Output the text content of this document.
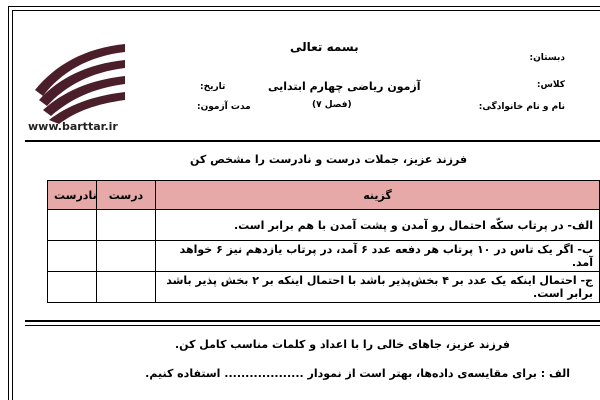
بسمه تعالی
دبستان:
کلاس:
نام و نام خانوادگی:
آزمون ریاضی چهارم ابتدایی
(فصل ۷)
تاریخ:
مدت آزمون:
www.barttar.ir
فرزند عزیز، جملات درست و نادرست را مشخص کن
نادرست	درست	گزینه
		الف- در پرتاب سکّه احتمال رو آمدن و پشت آمدن با هم برابر است.
		ب- اگر یک تاس در ۱۰ پرتاب هر دفعه عدد ۶ آمد، در پرتاب یازدهم نیز ۶ خواهد آمد.
		ج- احتمال اینکه یک عدد بر ۴ بخش‌پذیر باشد با احتمال اینکه بر ۲ بخش پذیر باشد برابر است.
فرزند عزیز، جاهای خالی را با اعداد و کلمات مناسب کامل کن.
الف : برای مقایسه‌ی داده‌ها، بهتر است از نمودار ................... استفاده کنیم.
